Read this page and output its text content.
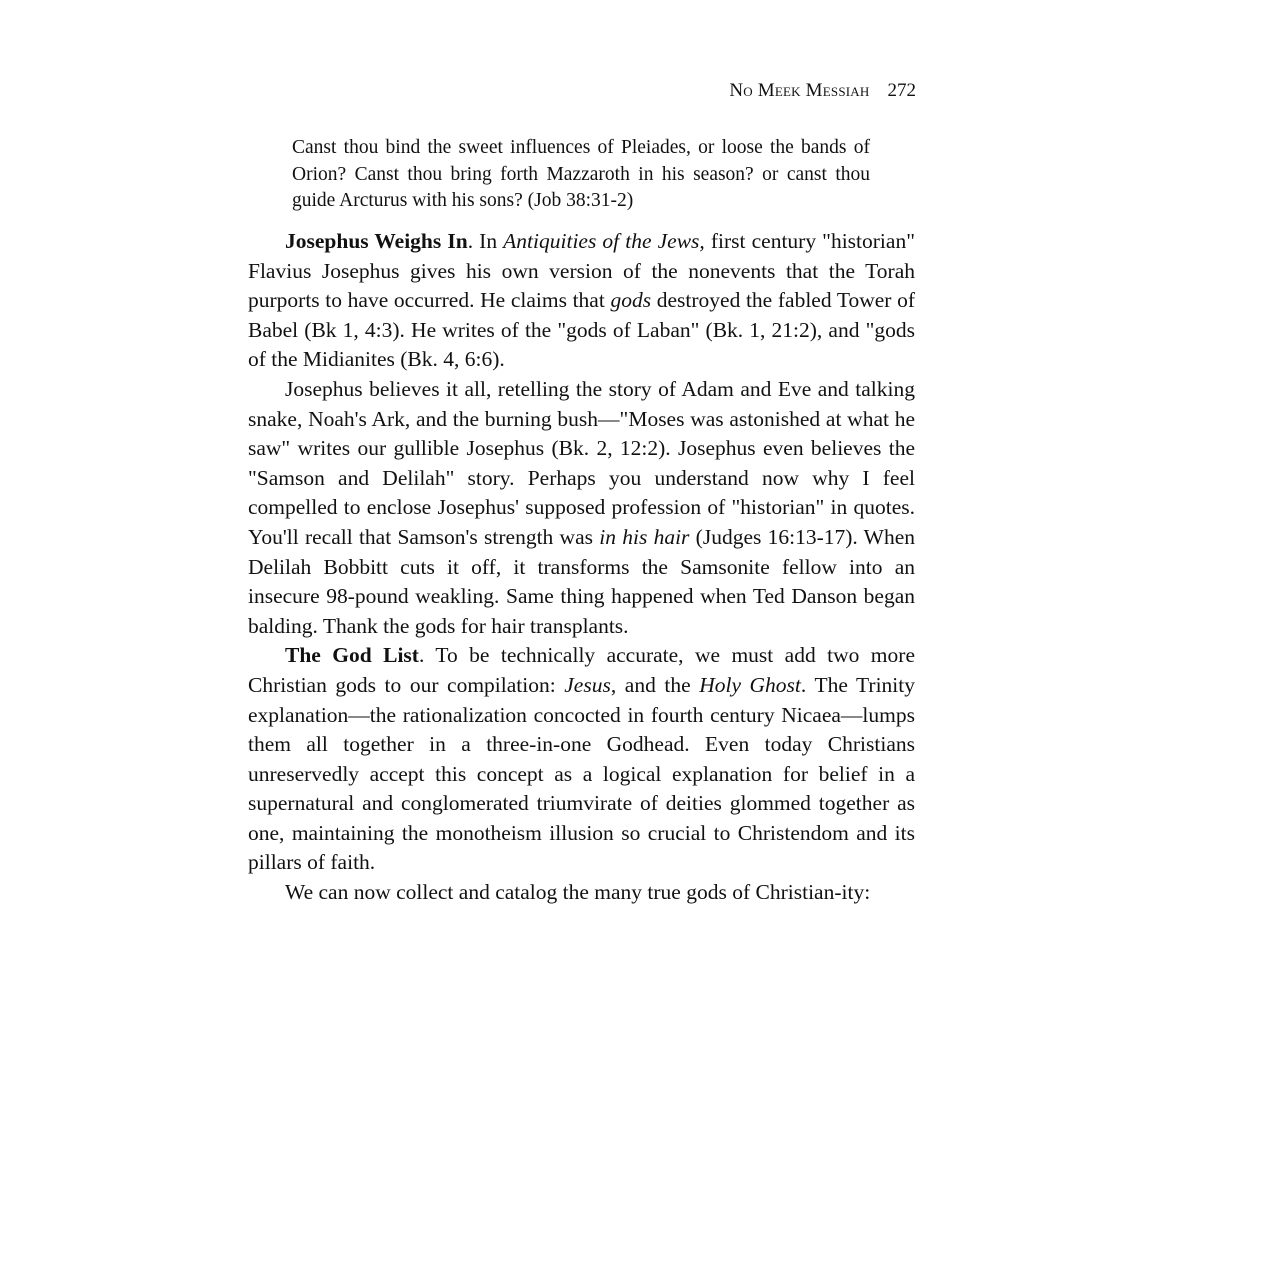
No Meek Messiah 272

Canst thou bind the sweet influences of Pleiades, or loose the bands of Orion? Canst thou bring forth Mazzaroth in his season? or canst thou guide Arcturus with his sons? (Job 38:31-2)

Josephus Weighs In. In Antiquities of the Jews, first century "historian" Flavius Josephus gives his own version of the nonevents that the Torah purports to have occurred. He claims that gods destroyed the fabled Tower of Babel (Bk 1, 4:3). He writes of the "gods of Laban" (Bk. 1, 21:2), and "gods of the Midianites (Bk. 4, 6:6).

Josephus believes it all, retelling the story of Adam and Eve and talking snake, Noah's Ark, and the burning bush—"Moses was astonished at what he saw" writes our gullible Josephus (Bk. 2, 12:2). Josephus even believes the "Samson and Delilah" story. Perhaps you understand now why I feel compelled to enclose Josephus' supposed profession of "historian" in quotes. You'll recall that Samson's strength was in his hair (Judges 16:13-17). When Delilah Bobbitt cuts it off, it transforms the Samsonite fellow into an insecure 98-pound weakling. Same thing happened when Ted Danson began balding. Thank the gods for hair transplants.

The God List. To be technically accurate, we must add two more Christian gods to our compilation: Jesus, and the Holy Ghost. The Trinity explanation—the rationalization concocted in fourth century Nicaea—lumps them all together in a three-in-one Godhead. Even today Christians unreservedly accept this concept as a logical explanation for belief in a supernatural and conglomerated triumvirate of deities glommed together as one, maintaining the monotheism illusion so crucial to Christendom and its pillars of faith.

We can now collect and catalog the many true gods of Christian-ity:
